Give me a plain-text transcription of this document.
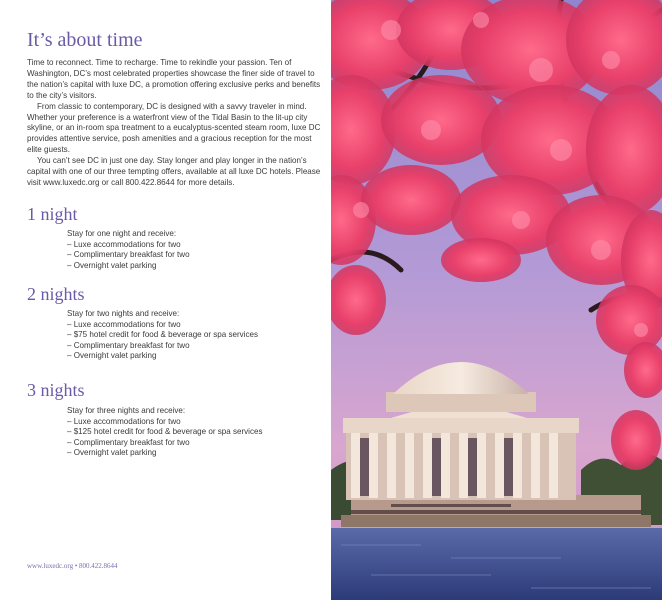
It’s about time

Time to reconnect. Time to recharge. Time to rekindle your passion. Ten of Washington, DC’s most celebrated properties showcase the finer side of travel to the nation’s capital with luxe DC, a promotion offering exclusive perks and benefits to the city’s visitors.

From classic to contemporary, DC is designed with a savvy traveler in mind. Whether your preference is a waterfront view of the Tidal Basin to the lit-up city skyline, or an in-room spa treatment to a eucalyptus-scented steam room, luxe DC provides attentive service, posh amenities and a gracious reception for the most elite guests.

You can’t see DC in just one day. Stay longer and play longer in the nation’s capital with one of our three tempting offers, available at all luxe DC hotels. Please visit www.luxedc.org or call 800.422.8644 for more details.

1 night

Stay for one night and receive:

– Luxe accommodations for two
– Complimentary breakfast for two
– Overnight valet parking
2 nights

Stay for two nights and receive:

– Luxe accommodations for two
– $75 hotel credit for food & beverage or spa services
– Complimentary breakfast for two
– Overnight valet parking
3 nights

Stay for three nights and receive:

– Luxe accommodations for two
– $125 hotel credit for food & beverage or spa services
– Complimentary breakfast for two
– Overnight valet parking
www.luxedc.org • 800.422.8644
